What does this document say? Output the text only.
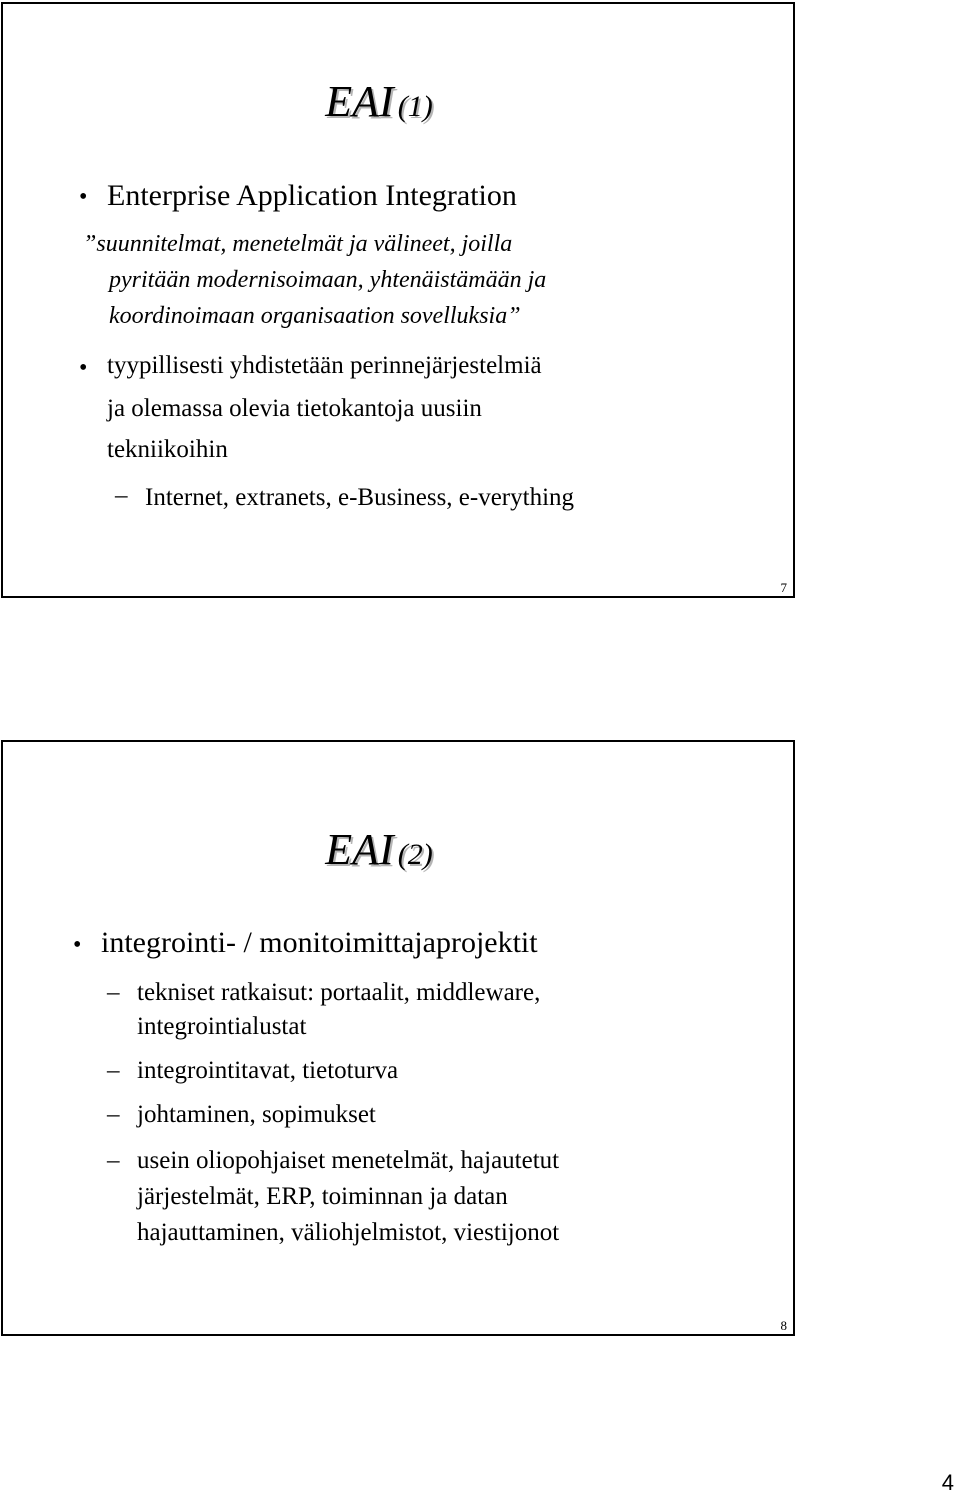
EAI (1)
• Enterprise Application Integration
”suunnitelmat, menetelmät ja välineet, joilla
pyritään modernisoimaan, yhtenäistämään ja
koordinoimaan organisaation sovelluksia”
• tyypillisesti yhdistetään perinnejärjestelmiä
ja olemassa olevia tietokantoja uusiin
tekniikoihin
– Internet, extranets, e-Business, e-verything
7
EAI (2)
• integrointi- / monitoimittajaprojektit
– tekniset ratkaisut: portaalit, middleware,
integrointialustat
– integrointitavat, tietoturva
– johtaminen, sopimukset
– usein oliopohjaiset menetelmät, hajautetut
järjestelmät, ERP, toiminnan ja datan
hajauttaminen, väliohjelmistot, viestijonot
8
4
